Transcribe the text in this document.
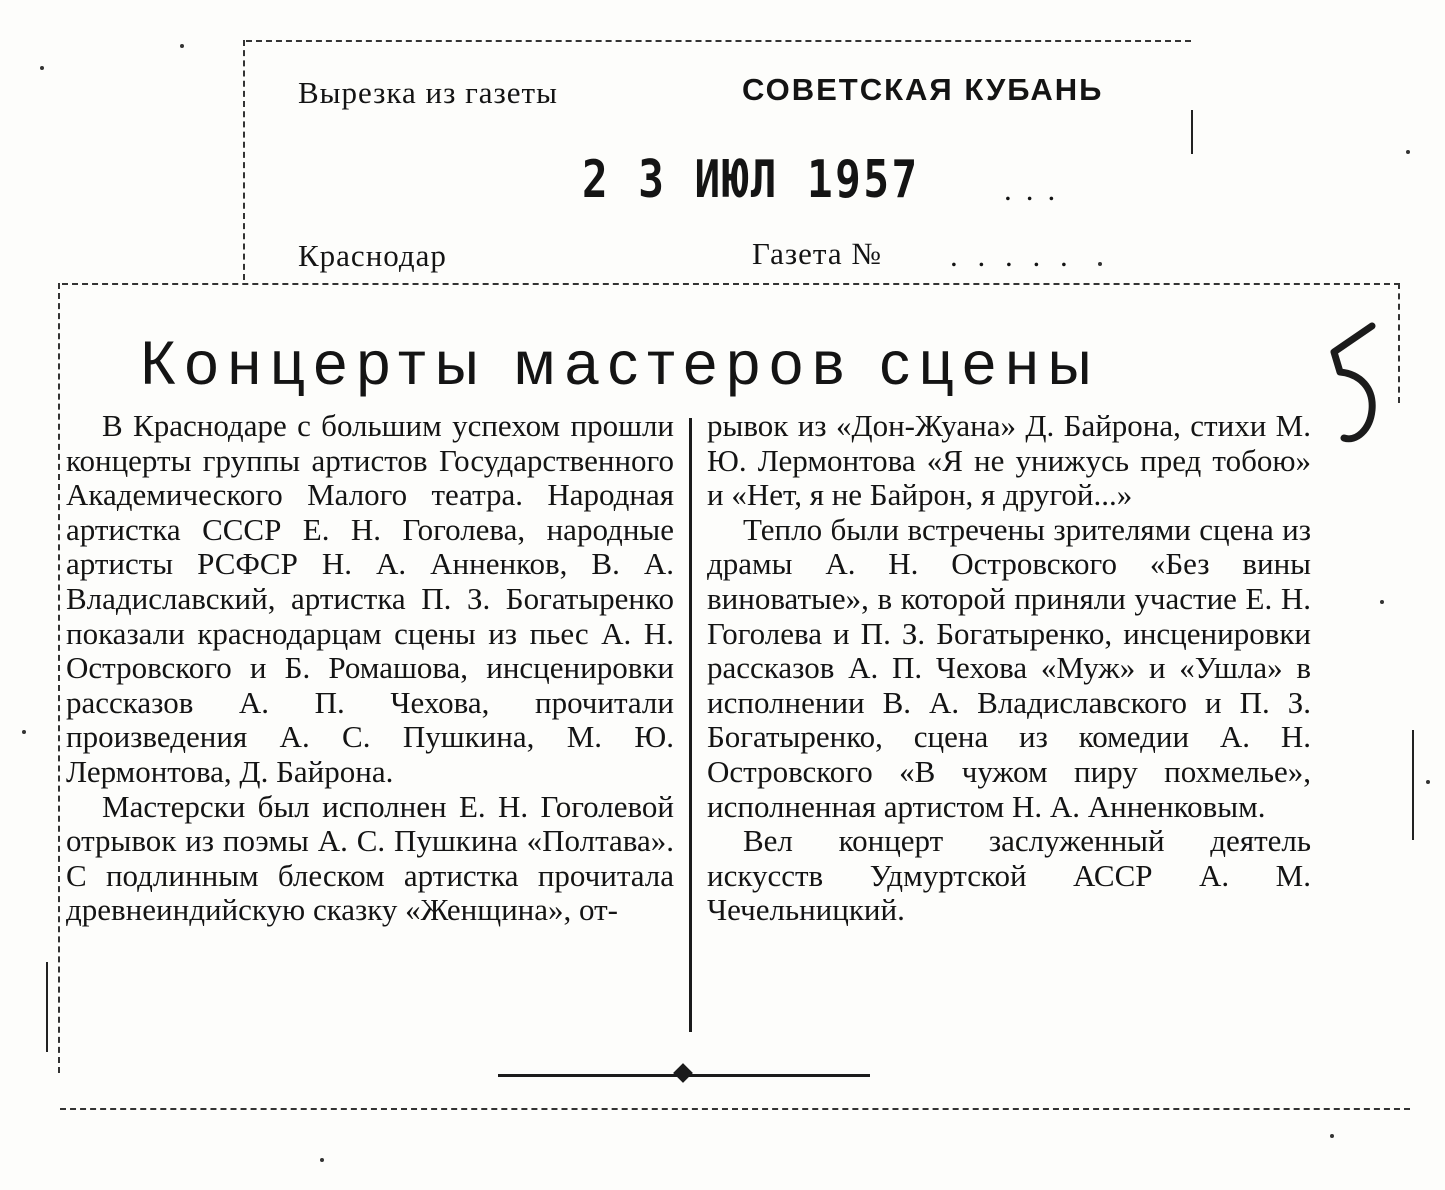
Вырезка из газеты	СОВЕТСКАЯ КУБАНЬ
2 3 ИЮЛ 1957	...
Краснодар	Газета № . . . . .
Концерты мастеров сцены

В Краснодаре с большим успехом прошли концерты группы артистов Государственного Академического Малого театра. Народная артистка СССР Е. Н. Гоголева, народные артисты РСФСР Н. А. Анненков, В. А. Владиславский, артистка П. З. Богатыренко показали краснодарцам сцены из пьес А. Н. Островского и Б. Ромашова, инсценировки рассказов А. П. Чехова, прочитали произведения А. С. Пушкина, М. Ю. Лермонтова, Д. Байрона.

Мастерски был исполнен Е. Н. Гоголевой отрывок из поэмы А. С. Пушкина «Полтава». С подлинным блеском артистка прочитала древнеиндийскую сказку «Женщина», от-

рывок из «Дон-Жуана» Д. Байрона, стихи М. Ю. Лермонтова «Я не унижусь пред тобою» и «Нет, я не Байрон, я другой...»

Тепло были встречены зрителями сцена из драмы А. Н. Островского «Без вины виноватые», в которой приняли участие Е. Н. Гоголева и П. З. Богатыренко, инсценировки рассказов А. П. Чехова «Муж» и «Ушла» в исполнении В. А. Владиславского и П. З. Богатыренко, сцена из комедии А. Н. Островского «В чужом пиру похмелье», исполненная артистом Н. А. Анненковым.

Вел концерт заслуженный деятель искусств Удмуртской АССР А. М. Чечельницкий.
